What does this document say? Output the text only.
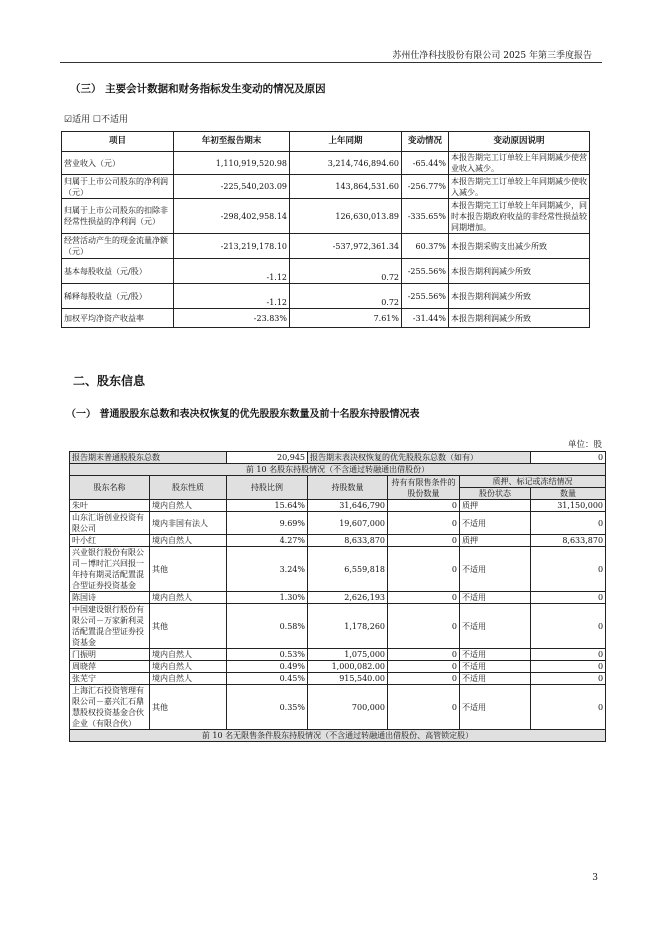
苏州仕净科技股份有限公司 2025 年第三季度报告
（三） 主要会计数据和财务指标发生变动的情况及原因
☑适用 ☐不适用
项目	年初至报告期末	上年同期	变动情况	变动原因说明
营业收入（元）	1,110,919,520.98	3,214,746,894.60	-65.44%	本报告期完工订单较上年同期减少使营业收入减少。
归属于上市公司股东的净利润（元）	-225,540,203.09	143,864,531.60	-256.77%	本报告期完工订单较上年同期减少使收入减少。
归属于上市公司股东的扣除非经常性损益的净利润（元）	-298,402,958.14	126,630,013.89	-335.65%	本报告期完工订单较上年同期减少，同时本报告期政府收益的非经常性损益较同期增加。
经营活动产生的现金流量净额（元）	-213,219,178.10	-537,972,361.34	60.37%	本报告期采购支出减少所致
基本每股收益（元/股）	-1.12	0.72	-255.56%	本报告期利润减少所致
稀释每股收益（元/股）	-1.12	0.72	-255.56%	本报告期利润减少所致
加权平均净资产收益率	-23.83%	7.61%	-31.44%	本报告期利润减少所致
二、股东信息
（一） 普通股股东总数和表决权恢复的优先股股东数量及前十名股东持股情况表
单位：股
报告期末普通股股东总数		20,945	报告期末表决权恢复的优先股股东总数（如有）			0
前 10 名股东持股情况（不含通过转融通出借股份）						
股东名称	股东性质	持股比例	持股数量	持有有限售条件的股份数量	质押、标记或冻结情况	
					股份状态	数量
朱叶	境内自然人	15.64%	31,646,790	0	质押	31,150,000
山东汇诣创业投资有限公司	境内非国有法人	9.69%	19,607,000	0	不适用	0
叶小红	境内自然人	4.27%	8,633,870	0	质押	8,633,870
兴业银行股份有限公司－博时汇兴回报一年持有期灵活配置混合型证券投资基金	其他	3.24%	6,559,818	0	不适用	0
陈国诗	境内自然人	1.30%	2,626,193	0	不适用	0
中国建设银行股份有限公司－万家新利灵活配置混合型证券投资基金	其他	0.58%	1,178,260	0	不适用	0
门振明	境内自然人	0.53%	1,075,000	0	不适用	0
周晓萍	境内自然人	0.49%	1,000,082.00	0	不适用	0
张芜宁	境内自然人	0.45%	915,540.00	0	不适用	0
上海汇石投资管理有限公司－嘉兴汇石鼎慧股权投资基金合伙企业（有限合伙）	其他	0.35%	700,000	0	不适用	0
前 10 名无限售条件股东持股情况（不含通过转融通出借股份、高管锁定股）						
3
